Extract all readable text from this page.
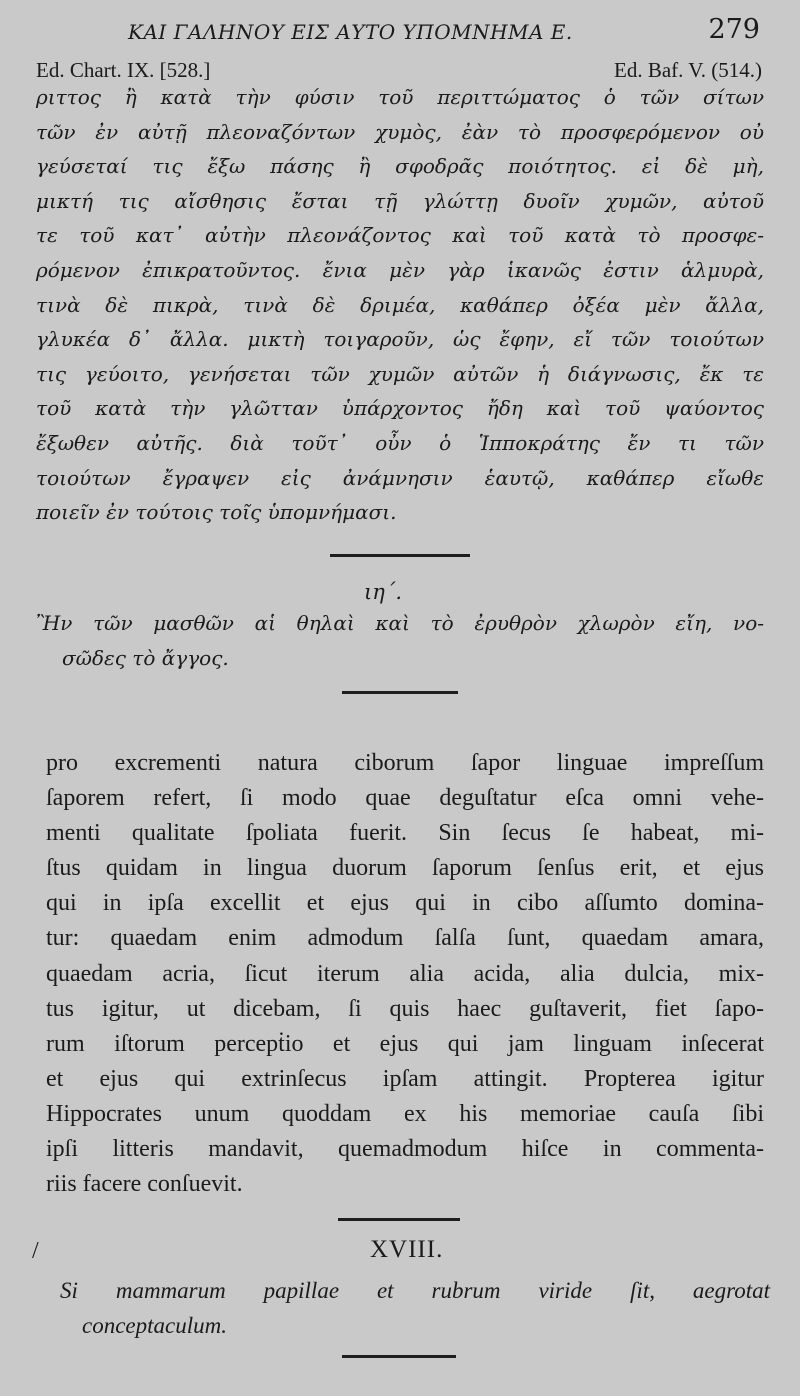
ΚΑΙ ΓΑΛΗΝΟΥ ΕΙΣ ΑΥΤΟ ΥΠΟΜΝΗΜΑ Ε.	279
Ed. Chart. IX. [528.]	Ed. Baf. V. (514.)
ριττος ἢ κατὰ τὴν φύσιν τοῦ περιττώματος ὁ τῶν σίτων
τῶν ἐν αὐτῇ πλεοναζόντων χυμὸς, ἐὰν τὸ προσφερόμενον οὐ
γεύσεταί τις ἔξω πάσης ἢ σφοδρᾶς ποιότητος. εἰ δὲ μὴ,
μικτή τις αἴσθησις ἔσται τῇ γλώττῃ δυοῖν χυμῶν, αὐτοῦ
τε τοῦ κατ᾽ αὐτὴν πλεονάζοντος καὶ τοῦ κατὰ τὸ προσφε-
ρόμενον ἐπικρατοῦντος. ἔνια μὲν γὰρ ἱκανῶς ἐστιν ἁλμυρὰ,
τινὰ δὲ πικρὰ, τινὰ δὲ δριμέα, καθάπερ ὀξέα μὲν ἄλλα,
γλυκέα δ᾽ ἄλλα. μικτὴ τοιγαροῦν, ὡς ἔφην, εἴ τῶν τοιούτων
τις γεύοιτο, γενήσεται τῶν χυμῶν αὐτῶν ἡ διάγνωσις, ἔκ τε
τοῦ κατὰ τὴν γλῶτταν ὑπάρχοντος ἤδη καὶ τοῦ ψαύοντος
ἔξωθεν αὐτῆς. διὰ τοῦτ᾽ οὖν ὁ Ἱπποκράτης ἔν τι τῶν
τοιούτων ἔγραψεν εἰς ἀνάμνησιν ἑαυτῷ, καθάπερ εἴωθε
ποιεῖν ἐν τούτοις τοῖς ὑπομνήμασι.
ιη΄.
Ἢν τῶν μασθῶν αἱ θηλαὶ καὶ τὸ ἐρυθρὸν χλωρὸν εἴη, νο-
σῶδες τὸ ἄγγος.
pro excrementi natura ciborum ſapor linguae impreſſum
ſaporem refert, ſi modo quae deguſtatur eſca omni vehe-
menti qualitate ſpoliata fuerit. Sin ſecus ſe habeat, mi-
ſtus quidam in lingua duorum ſaporum ſenſus erit, et ejus
qui in ipſa excellit et ejus qui in cibo aſſumto domina-
tur: quaedam enim admodum ſalſa ſunt, quaedam amara,
quaedam acria, ſicut iterum alia acida, alia dulcia, mix-
tus igitur, ut dicebam, ſi quis haec guſtaverit, fiet ſapo-
rum iſtorum percepṫio et ejus qui jam linguam inſecerat
et ejus qui extrinſecus ipſam attingit. Propterea igitur
Hippocrates unum quoddam ex his memoriae cauſa ſibi
ipſi litteris mandavit, quemadmodum hiſce in commenta-
riis facere conſuevit.
/	XVIII.
Si mammarum papillae et rubrum viride ſit, aegrotat
conceptaculum.
